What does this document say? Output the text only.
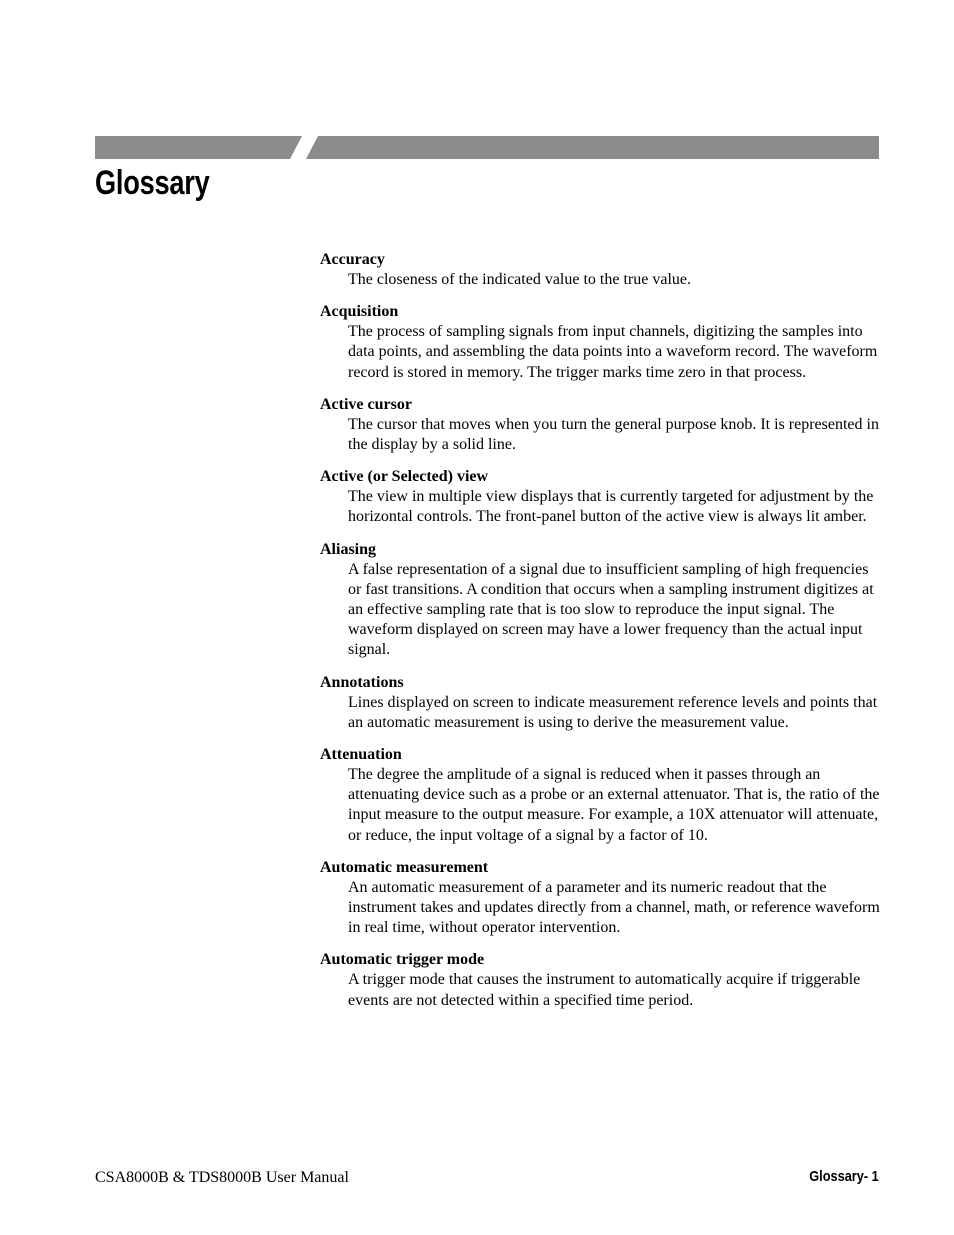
Glossary

Accuracy

The closeness of the indicated value to the true value.

Acquisition

The process of sampling signals from input channels, digitizing the samples into data points, and assembling the data points into a waveform record. The waveform record is stored in memory. The trigger marks time zero in that process.

Active cursor

The cursor that moves when you turn the general purpose knob. It is represented in the display by a solid line.

Active (or Selected) view

The view in multiple view displays that is currently targeted for adjustment by the horizontal controls. The front-panel button of the active view is always lit amber.

Aliasing

A false representation of a signal due to insufficient sampling of high frequencies or fast transitions. A condition that occurs when a sampling instrument digitizes at an effective sampling rate that is too slow to reproduce the input signal. The waveform displayed on screen may have a lower frequency than the actual input signal.

Annotations

Lines displayed on screen to indicate measurement reference levels and points that an automatic measurement is using to derive the measurement value.

Attenuation

The degree the amplitude of a signal is reduced when it passes through an attenuating device such as a probe or an external attenuator. That is, the ratio of the input measure to the output measure. For example, a 10X attenuator will attenuate, or reduce, the input voltage of a signal by a factor of 10.

Automatic measurement

An automatic measurement of a parameter and its numeric readout that the instrument takes and updates directly from a channel, math, or reference waveform in real time, without operator intervention.

Automatic trigger mode

A trigger mode that causes the instrument to automatically acquire if triggerable events are not detected within a specified time period.

CSA8000B & TDS8000B User Manual	Glossary- 1
